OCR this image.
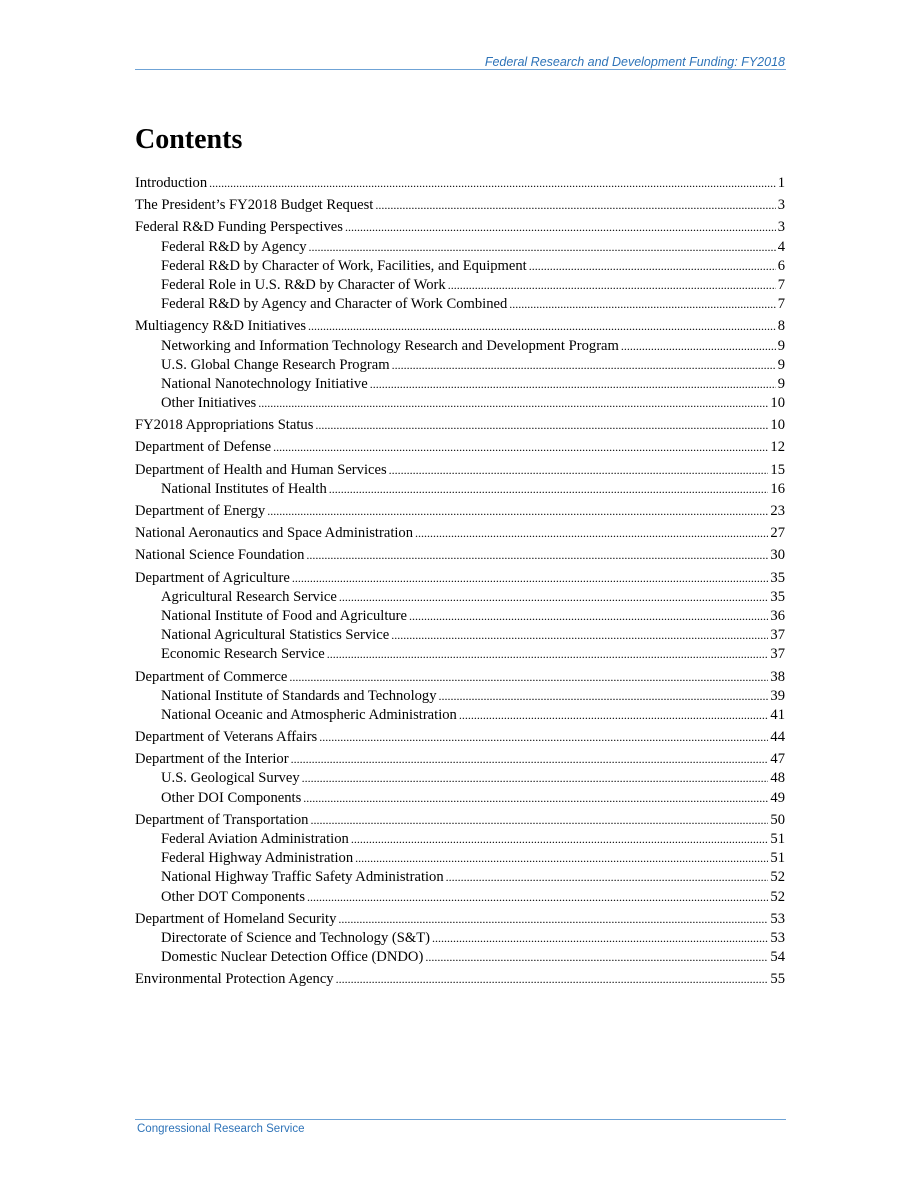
Federal Research and Development Funding: FY2018
Contents
Introduction . . .	1
The President’s FY2018 Budget Request . . .	3
Federal R&D Funding Perspectives . . .	3
Federal R&D by Agency . . .	4
Federal R&D by Character of Work, Facilities, and Equipment . . .	6
Federal Role in U.S. R&D by Character of Work . . .	7
Federal R&D by Agency and Character of Work Combined . . .	7
Multiagency R&D Initiatives . . .	8
Networking and Information Technology Research and Development Program . . .	9
U.S. Global Change Research Program . . .	9
National Nanotechnology Initiative . . .	9
Other Initiatives . . .	10
FY2018 Appropriations Status . . .	10
Department of Defense . . .	12
Department of Health and Human Services . . .	15
National Institutes of Health . . .	16
Department of Energy . . .	23
National Aeronautics and Space Administration . . .	27
National Science Foundation . . .	30
Department of Agriculture . . .	35
Agricultural Research Service . . .	35
National Institute of Food and Agriculture . . .	36
National Agricultural Statistics Service . . .	37
Economic Research Service . . .	37
Department of Commerce . . .	38
National Institute of Standards and Technology . . .	39
National Oceanic and Atmospheric Administration . . .	41
Department of Veterans Affairs . . .	44
Department of the Interior . . .	47
U.S. Geological Survey . . .	48
Other DOI Components . . .	49
Department of Transportation . . .	50
Federal Aviation Administration . . .	51
Federal Highway Administration . . .	51
National Highway Traffic Safety Administration . . .	52
Other DOT Components . . .	52
Department of Homeland Security . . .	53
Directorate of Science and Technology (S&T) . . .	53
Domestic Nuclear Detection Office (DNDO) . . .	54
Environmental Protection Agency . . .	55
Congressional Research Service
